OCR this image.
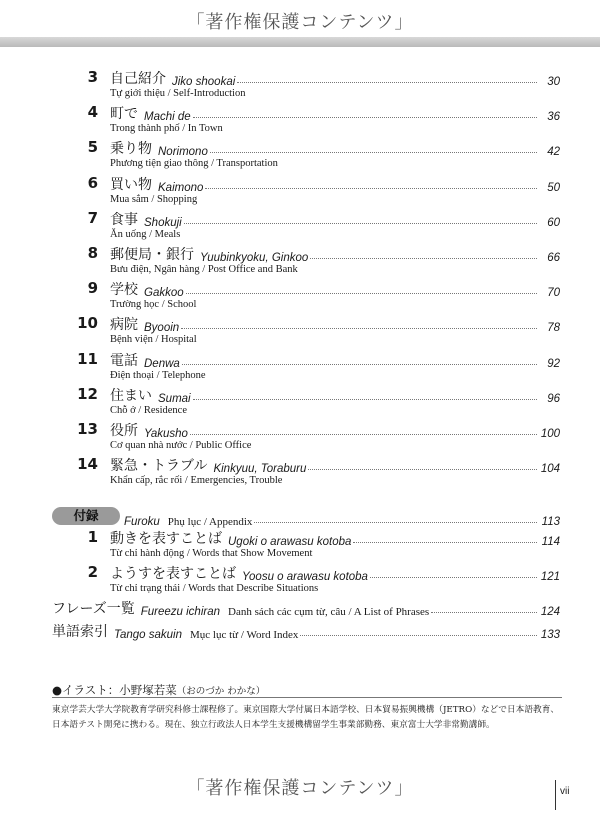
「著作権保護コンテンツ」
3 自己紹介 Jiko shookai	30
Tự giới thiệu / Self-Introduction
4 町で Machi de	36
Trong thành phố / In Town
5 乗り物 Norimono	42
Phương tiện giao thông / Transportation
6 買い物 Kaimono	50
Mua sắm / Shopping
7 食事 Shokuji	60
Ăn uống / Meals
8 郵便局・銀行 Yuubinkyoku, Ginkoo	66
Bưu điện, Ngân hàng / Post Office and Bank
9 学校 Gakkoo	70
Trường học / School
10 病院 Byooin	78
Bệnh viện / Hospital
11 電話 Denwa	92
Điện thoại / Telephone
12 住まい Sumai	96
Chỗ ở / Residence
13 役所 Yakusho	100
Cơ quan nhà nước / Public Office
14 緊急・トラブル Kinkyuu, Toraburu	104
Khẩn cấp, rắc rối / Emergencies, Trouble
付録	Furoku Phụ lục / Appendix	113
1 動きを表すことば Ugoki o arawasu kotoba	114
Từ chỉ hành động / Words that Show Movement
2 ようすを表すことば Yoosu o arawasu kotoba	121
Từ chỉ trạng thái / Words that Describe Situations
フレーズ一覧 Fureezu ichiran Danh sách các cụm từ, câu / A List of Phrases	124
単語索引 Tango sakuin Mục lục từ / Word Index	133
●イラスト：小野塚若菜（おのづか わかな）
東京学芸大学大学院教育学研究科修士課程修了。東京国際大学付属日本語学校、日本貿易振興機構（JETRO）などで日本語教育、日本語テスト開発に携わる。現在、独立行政法人日本学生支援機構留学生事業部勤務、東京富士大学非常勤講師。
「著作権保護コンテンツ」	vii
